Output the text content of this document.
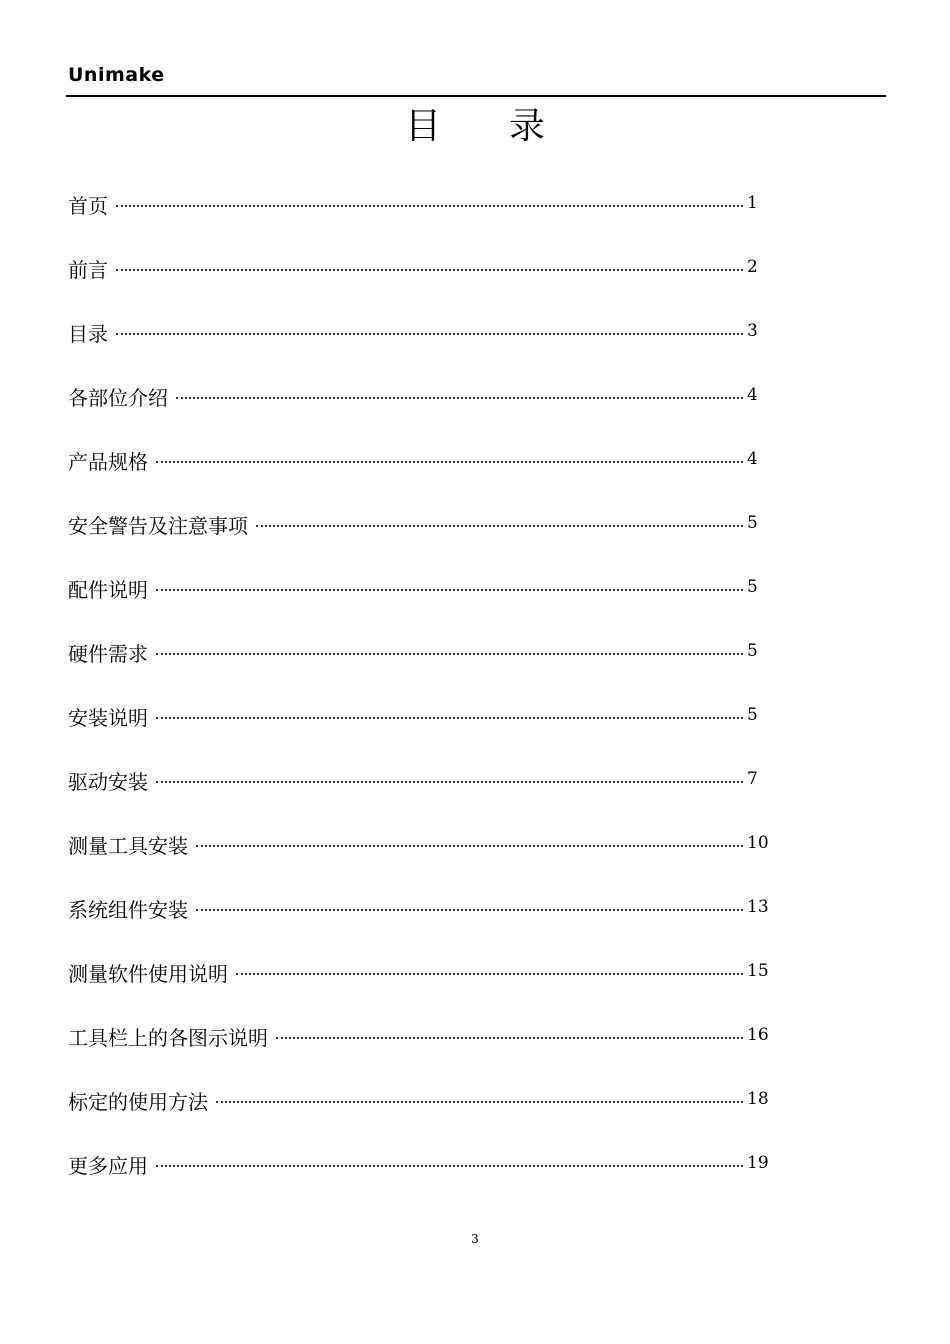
Unimake
目录
首页	1
前言	2
目录	3
各部位介绍	4
产品规格	4
安全警告及注意事项	5
配件说明	5
硬件需求	5
安装说明	5
驱动安装	7
测量工具安装	10
系统组件安装	13
测量软件使用说明	15
工具栏上的各图示说明	16
标定的使用方法	18
更多应用	19
3
